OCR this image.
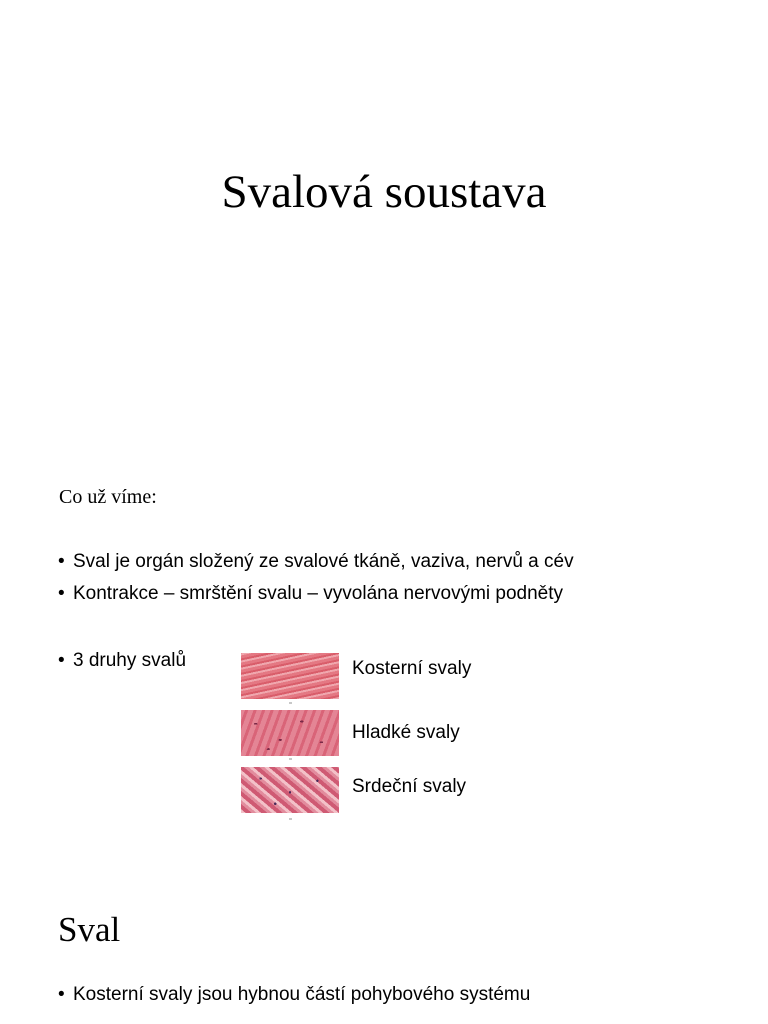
Svalová soustava
Co už víme:
• Sval je orgán složený ze svalové tkáně, vaziva, nervů a cév
• Kontrakce – smrštění svalu – vyvolána nervovými podněty
• 3 druhy svalů	Kosterní svaly
Hladké svaly
Srdeční svaly
Sval
• Kosterní svaly jsou hybnou částí pohybového systému
